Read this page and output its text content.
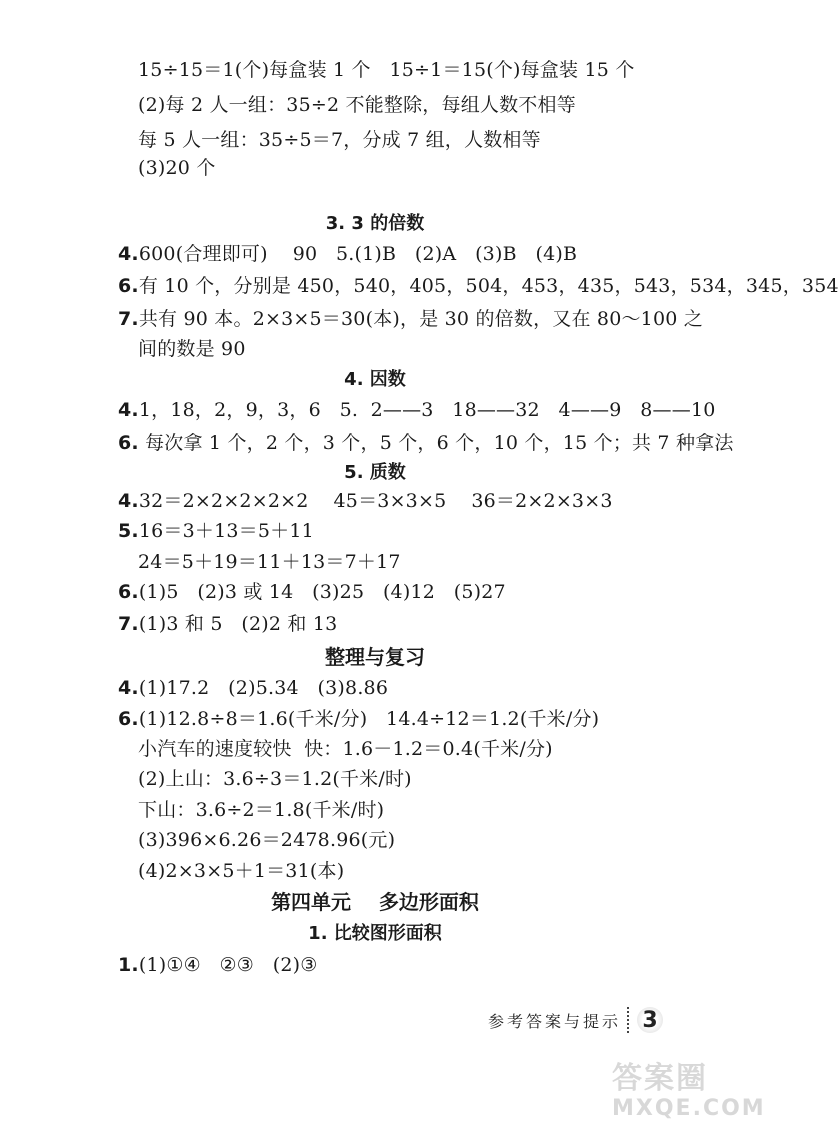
15÷15＝1(个)每盒装 1 个   15÷1＝15(个)每盒装 15 个
(2)每 2 人一组：35÷2 不能整除，每组人数不相等
每 5 人一组：35÷5＝7，分成 7 组，人数相等
(3)20 个
3. 3 的倍数
4.600(合理即可)    90   5.(1)B   (2)A   (3)B   (4)B
6.有 10 个，分别是 450，540，405，504，453，435，543，534，345，354
7.共有 90 本。2×3×5＝30(本)，是 30 的倍数，又在 80～100 之
间的数是 90
4. 因数
4.1，18，2，9，3，6   5.  2——3   18——32   4——9   8——10
6. 每次拿 1 个，2 个，3 个，5 个，6 个，10 个，15 个；共 7 种拿法
5. 质数
4.32＝2×2×2×2×2    45＝3×3×5    36＝2×2×3×3
5.16＝3＋13＝5＋11
24＝5＋19＝11＋13＝7＋17
6.(1)5   (2)3 或 14   (3)25   (4)12   (5)27
7.(1)3 和 5   (2)2 和 13
整理与复习
4.(1)17.2   (2)5.34   (3)8.86
6.(1)12.8÷8＝1.6(千米/分)   14.4÷12＝1.2(千米/分)
小汽车的速度较快  快：1.6－1.2＝0.4(千米/分)
(2)上山：3.6÷3＝1.2(千米/时)
下山：3.6÷2＝1.8(千米/时)
(3)396×6.26＝2478.96(元)
(4)2×3×5＋1＝31(本)
第四单元    多边形面积
1. 比较图形面积
1.(1)①④   ②③   (2)③
参考答案与提示 3
答案圈
MXQE.COM
